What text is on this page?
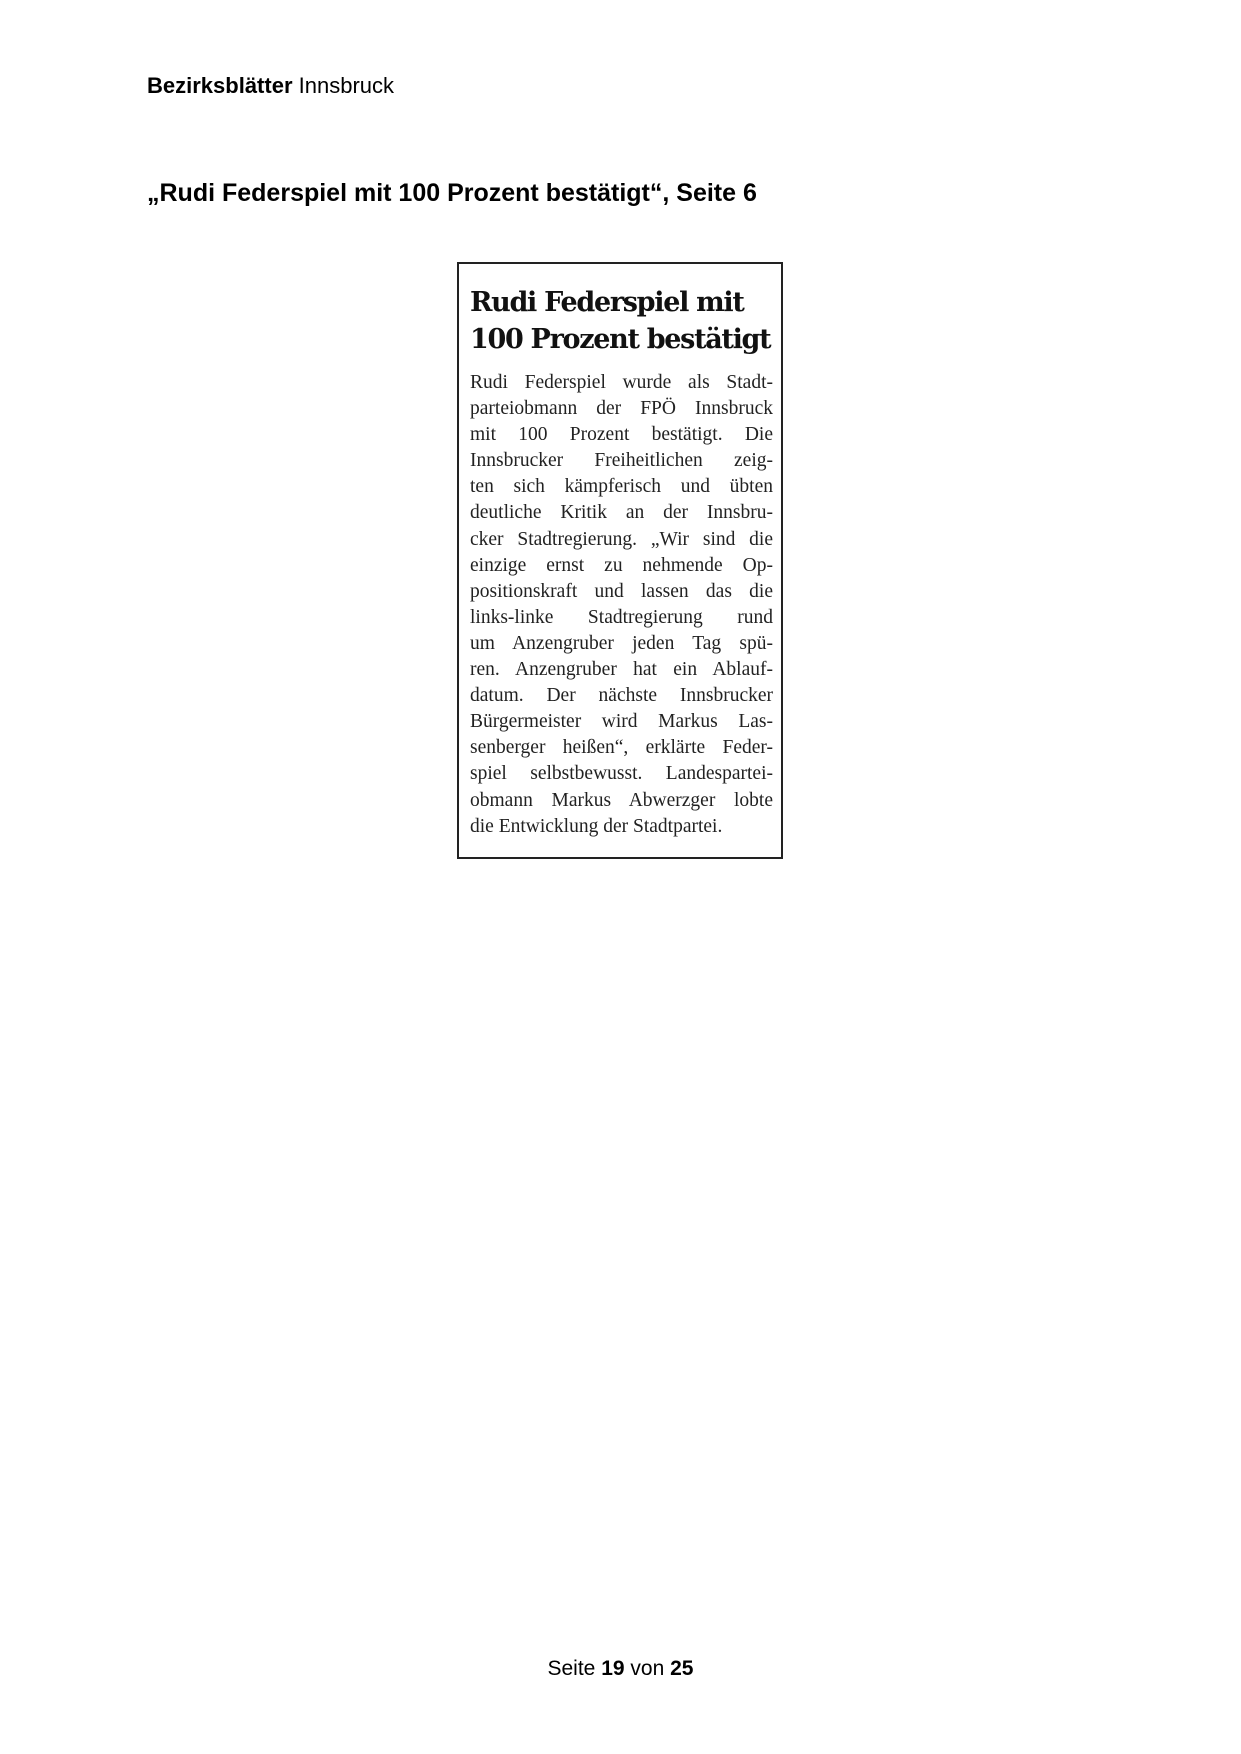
Bezirksblätter Innsbruck
„Rudi Federspiel mit 100 Prozent bestätigt“, Seite 6
Rudi Federspiel mit
100 Prozent bestätigt
Rudi Federspiel wurde als Stadt-
parteiobmann der FPÖ Innsbruck
mit 100 Prozent bestätigt. Die
Innsbrucker Freiheitlichen zeig-
ten sich kämpferisch und übten
deutliche Kritik an der Innsbru-
cker Stadtregierung. „Wir sind die
einzige ernst zu nehmende Op-
positionskraft und lassen das die
links-linke Stadtregierung rund
um Anzengruber jeden Tag spü-
ren. Anzengruber hat ein Ablauf-
datum. Der nächste Innsbrucker
Bürgermeister wird Markus Las-
senberger heißen“, erklärte Feder-
spiel selbstbewusst. Landespartei-
obmann Markus Abwerzger lobte
die Entwicklung der Stadtpartei.
Seite 19 von 25
